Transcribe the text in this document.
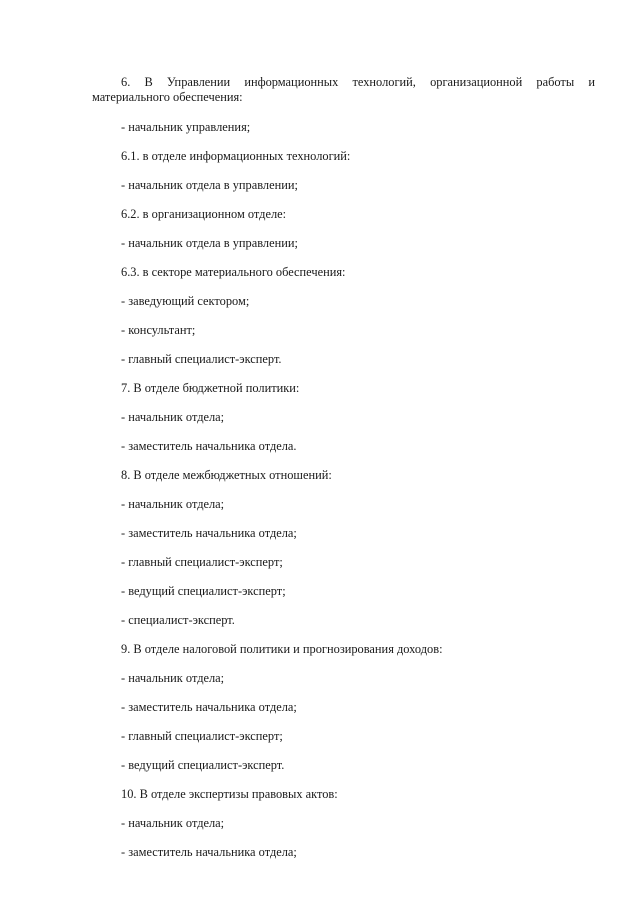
6. В Управлении информационных технологий, организационной работы и
материального обеспечения:
- начальник управления;
6.1. в отделе информационных технологий:
- начальник отдела в управлении;
6.2. в организационном отделе:
- начальник отдела в управлении;
6.3. в секторе материального обеспечения:
- заведующий сектором;
- консультант;
- главный специалист-эксперт.
7. В отделе бюджетной политики:
- начальник отдела;
- заместитель начальника отдела.
8. В отделе межбюджетных отношений:
- начальник отдела;
- заместитель начальника отдела;
- главный специалист-эксперт;
- ведущий специалист-эксперт;
- специалист-эксперт.
9. В отделе налоговой политики и прогнозирования доходов:
- начальник отдела;
- заместитель начальника отдела;
- главный специалист-эксперт;
- ведущий специалист-эксперт.
10. В отделе экспертизы правовых актов:
- начальник отдела;
- заместитель начальника отдела;
